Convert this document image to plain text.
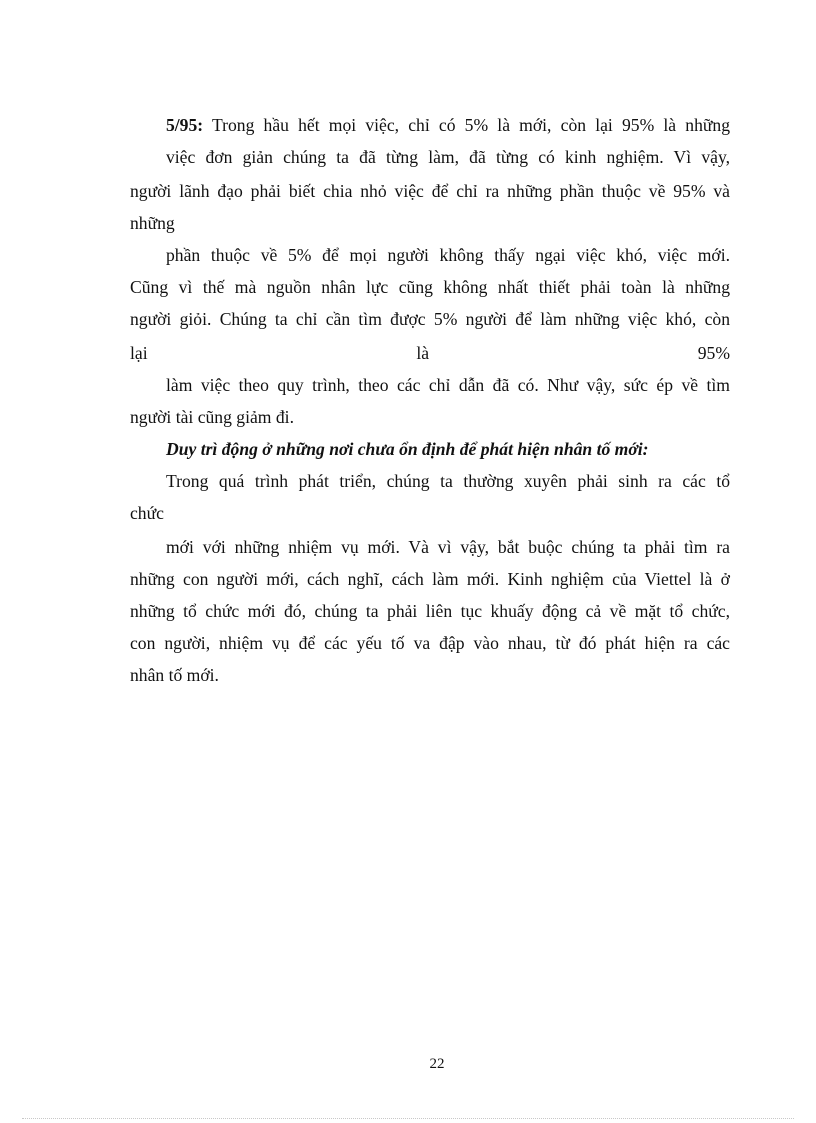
5/95: Trong hầu hết mọi việc, chỉ có 5% là mới, còn lại 95% là những
việc đơn giản chúng ta đã từng làm, đã từng có kinh nghiệm. Vì vậy,
người lãnh đạo phải biết chia nhỏ việc để chỉ ra những phần thuộc về 95% và
những
phần thuộc về 5% để mọi người không thấy ngại việc khó, việc mới.
Cũng vì thế mà nguồn nhân lực cũng không nhất thiết phải toàn là những
người giỏi. Chúng ta chỉ cần tìm được 5% người để làm những việc khó, còn
lại	là	95%
làm việc theo quy trình, theo các chỉ dẫn đã có. Như vậy, sức ép về tìm
người tài cũng giảm đi.
Duy trì động ở những nơi chưa ổn định để phát hiện nhân tố mới:
Trong quá trình phát triển, chúng ta thường xuyên phải sinh ra các tổ
chức
mới với những nhiệm vụ mới. Và vì vậy, bắt buộc chúng ta phải tìm ra
những con người mới, cách nghĩ, cách làm mới. Kinh nghiệm của Viettel là ở
những tổ chức mới đó, chúng ta phải liên tục khuấy động cả về mặt tổ chức,
con người, nhiệm vụ để các yếu tố va đập vào nhau, từ đó phát hiện ra các
nhân tố mới.
22
